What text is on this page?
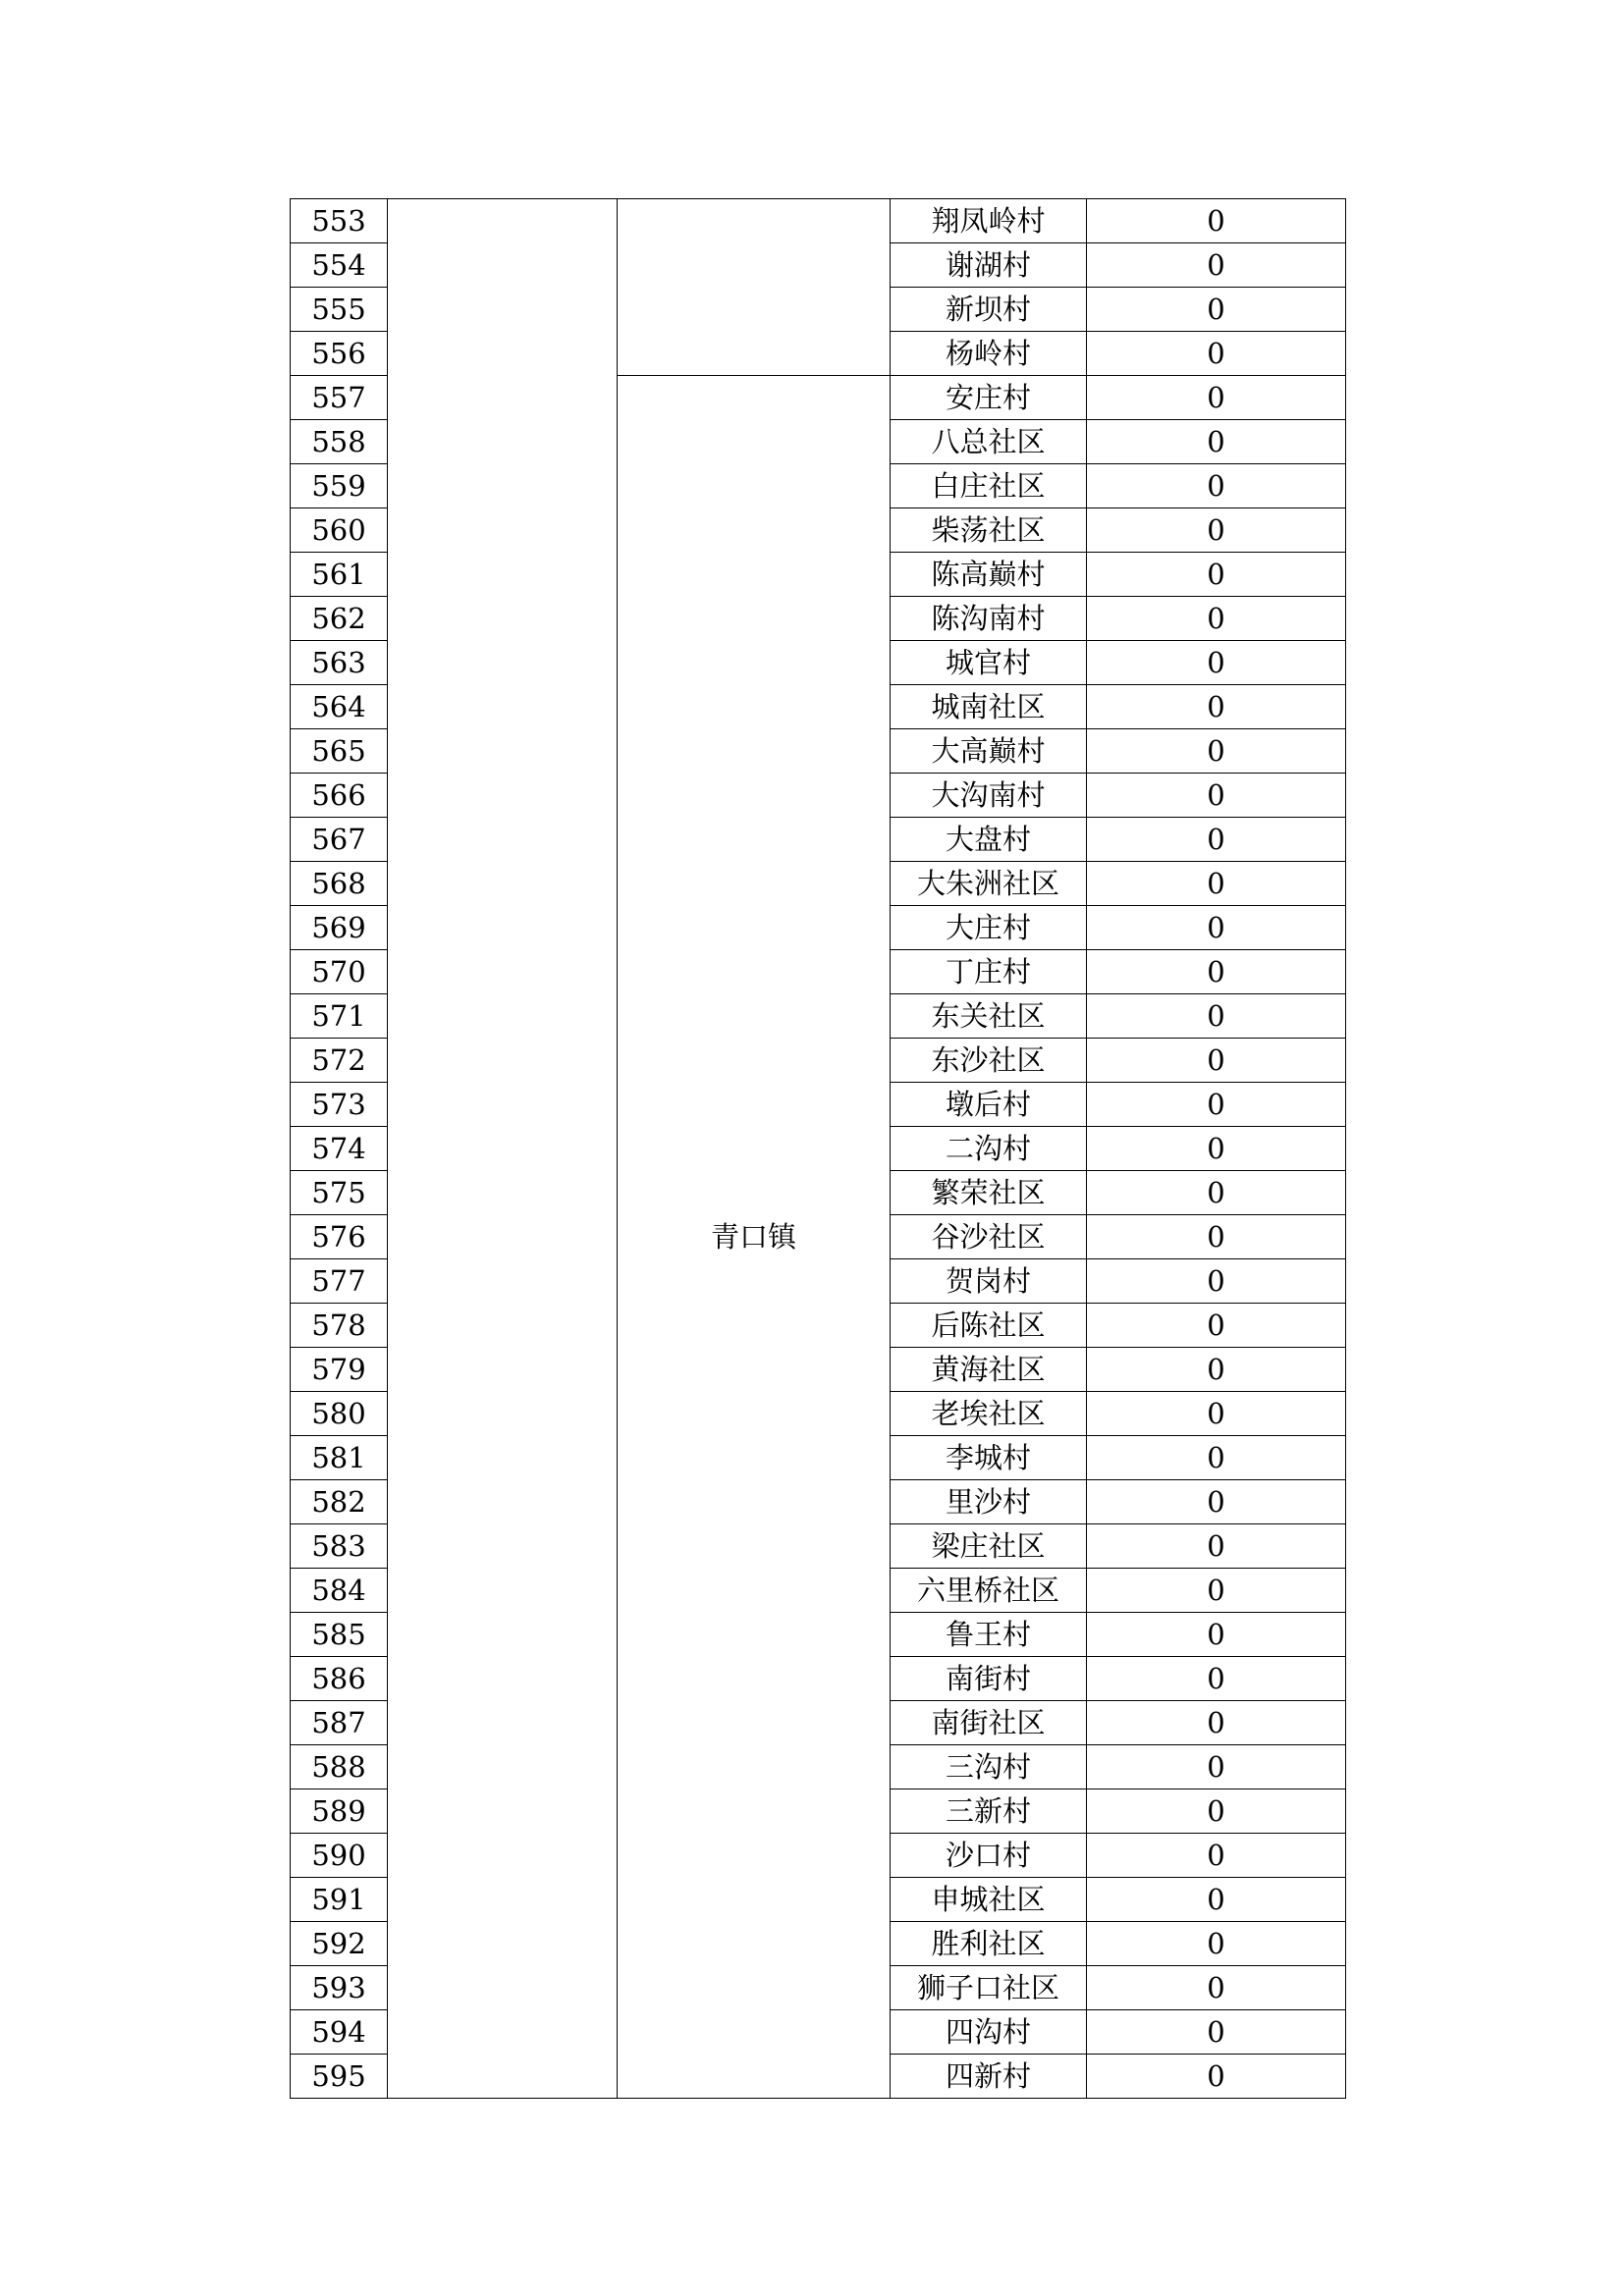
553			翔凤岭村	0
554			谢湖村	0
555			新坝村	0
556			杨岭村	0
557		青口镇	安庄村	0
558			八总社区	0
559			白庄社区	0
560			柴荡社区	0
561			陈高巅村	0
562			陈沟南村	0
563			城官村	0
564			城南社区	0
565			大高巅村	0
566			大沟南村	0
567			大盘村	0
568			大朱洲社区	0
569			大庄村	0
570			丁庄村	0
571			东关社区	0
572			东沙社区	0
573			墩后村	0
574			二沟村	0
575			繁荣社区	0
576			谷沙社区	0
577			贺岗村	0
578			后陈社区	0
579			黄海社区	0
580			老埃社区	0
581			李城村	0
582			里沙村	0
583			梁庄社区	0
584			六里桥社区	0
585			鲁王村	0
586			南街村	0
587			南街社区	0
588			三沟村	0
589			三新村	0
590			沙口村	0
591			申城社区	0
592			胜利社区	0
593			狮子口社区	0
594			四沟村	0
595			四新村	0
